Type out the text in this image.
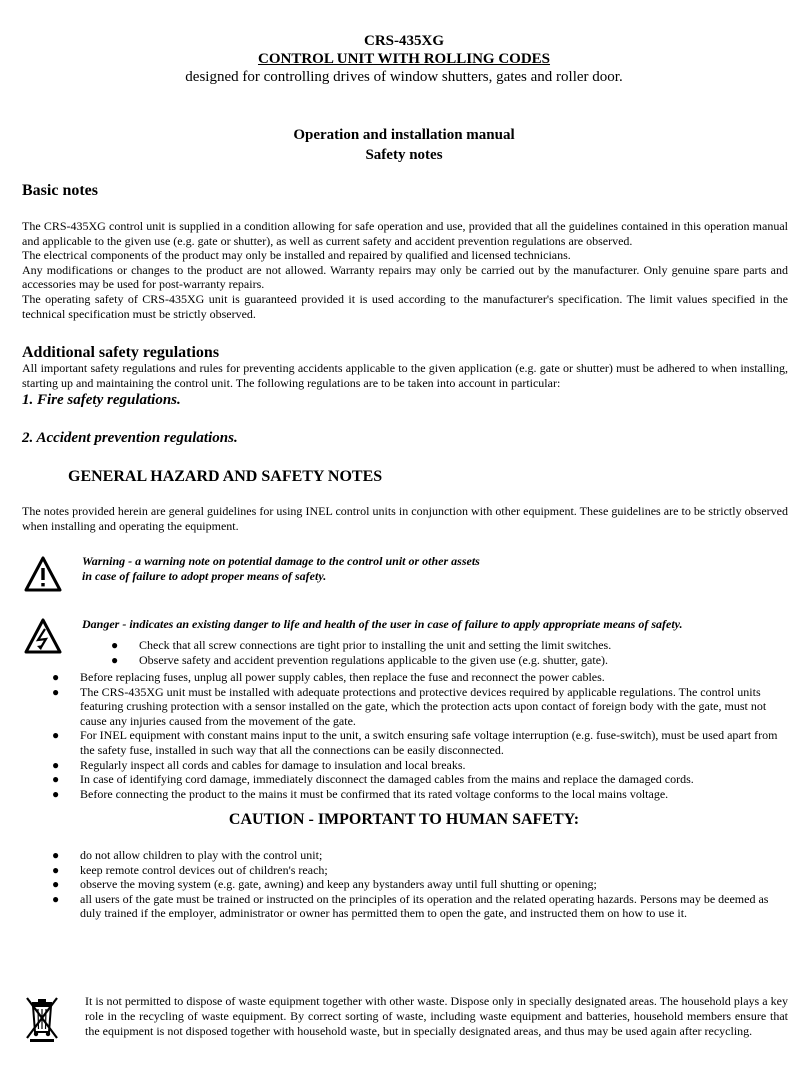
CRS-435XG
CONTROL UNIT WITH ROLLING CODES
designed for controlling drives of window shutters, gates and roller door.
Operation and installation manual
Safety notes
Basic notes
The CRS-435XG control unit is supplied in a condition allowing for safe operation and use, provided that all the guidelines contained in this operation manual and applicable to the given use (e.g. gate or shutter), as well as current safety and accident prevention regulations are observed.
The electrical components of the product may only be installed and repaired by qualified and licensed technicians.
Any modifications or changes to the product are not allowed. Warranty repairs may only be carried out by the manufacturer. Only genuine spare parts and accessories may be used for post-warranty repairs.
The operating safety of CRS-435XG unit is guaranteed provided it is used according to the manufacturer's specification. The limit values specified in the technical specification must be strictly observed.
Additional safety regulations
All important safety regulations and rules for preventing accidents applicable to the given application (e.g. gate or shutter) must be adhered to when installing, starting up and maintaining the control unit. The following regulations are to be taken into account in particular:
1. Fire safety regulations.
2. Accident prevention regulations.
GENERAL HAZARD AND SAFETY NOTES
The notes provided herein are general guidelines for using INEL control units in conjunction with other equipment. These guidelines are to be strictly observed when installing and operating the equipment.
Warning - a warning note on potential damage to the control unit or other assets
in case of failure to adopt proper means of safety.
Danger - indicates an existing danger to life and health of the user in case of failure to apply appropriate means of safety.
● Check that all screw connections are tight prior to installing the unit and setting the limit switches.
● Observe safety and accident prevention regulations applicable to the given use (e.g. shutter, gate).
● Before replacing fuses, unplug all power supply cables, then replace the fuse and reconnect the power cables.
● The CRS-435XG unit must be installed with adequate protections and protective devices required by applicable regulations. The control units featuring crushing protection with a sensor installed on the gate, which the protection acts upon contact of foreign body with the gate, must not cause any injuries caused from the movement of the gate.
● For INEL equipment with constant mains input to the unit, a switch ensuring safe voltage interruption (e.g. fuse-switch), must be used apart from the safety fuse, installed in such way that all the connections can be easily disconnected.
● Regularly inspect all cords and cables for damage to insulation and local breaks.
● In case of identifying cord damage, immediately disconnect the damaged cables from the mains and replace the damaged cords.
● Before connecting the product to the mains it must be confirmed that its rated voltage conforms to the local mains voltage.
CAUTION - IMPORTANT TO HUMAN SAFETY:
● do not allow children to play with the control unit;
● keep remote control devices out of children's reach;
● observe the moving system (e.g. gate, awning) and keep any bystanders away until full shutting or opening;
● all users of the gate must be trained or instructed on the principles of its operation and the related operating hazards. Persons may be deemed as duly trained if the employer, administrator or owner has permitted them to open the gate, and instructed them on how to use it.
It is not permitted to dispose of waste equipment together with other waste. Dispose only in specially designated areas. The household plays a key role in the recycling of waste equipment. By correct sorting of waste, including waste equipment and batteries, household members ensure that the equipment is not disposed together with household waste, but in specially designated areas, and thus may be used again after recycling.
